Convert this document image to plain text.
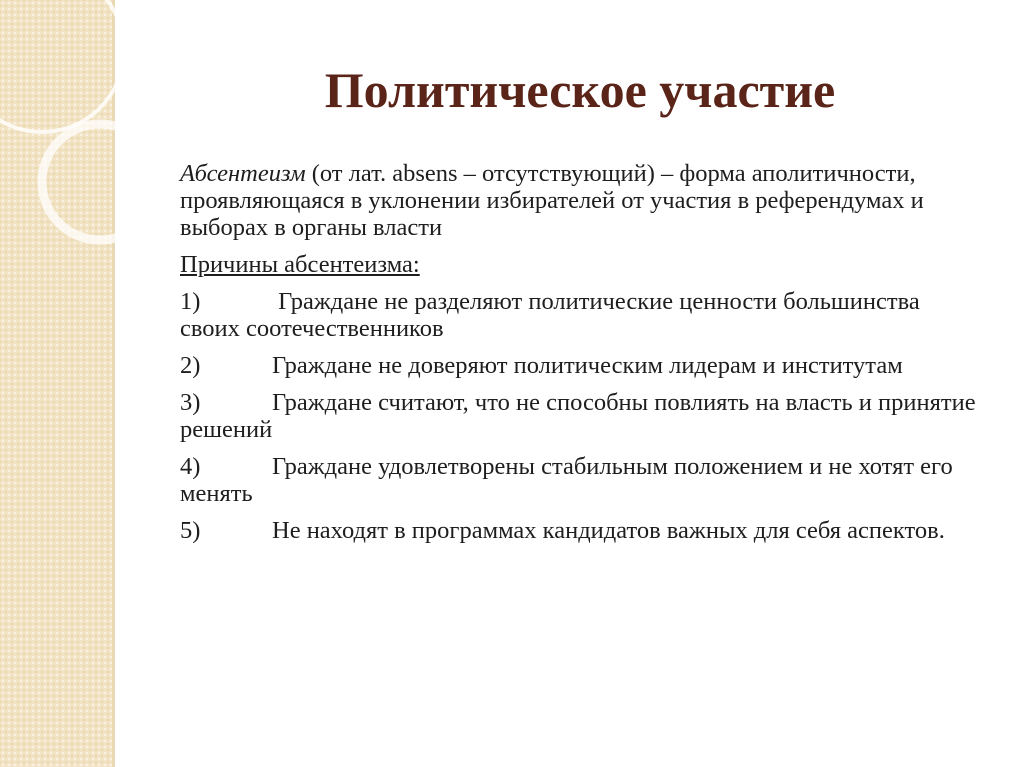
Политическое участие

Абсентеизм (от лат. absens – отсутствующий) – форма аполитичности, проявляющаяся в уклонении избирателей от участия в референдумах и выборах в органы власти

Причины абсентеизма:

1)	Граждане не разделяют политические ценности большинства своих соотечественников

2)	Граждане не доверяют политическим лидерам и институтам

3)	Граждане считают, что не способны повлиять на власть и принятие решений

4)	Граждане удовлетворены стабильным положением и не хотят его менять

5)	Не находят в программах кандидатов важных для себя аспектов.
